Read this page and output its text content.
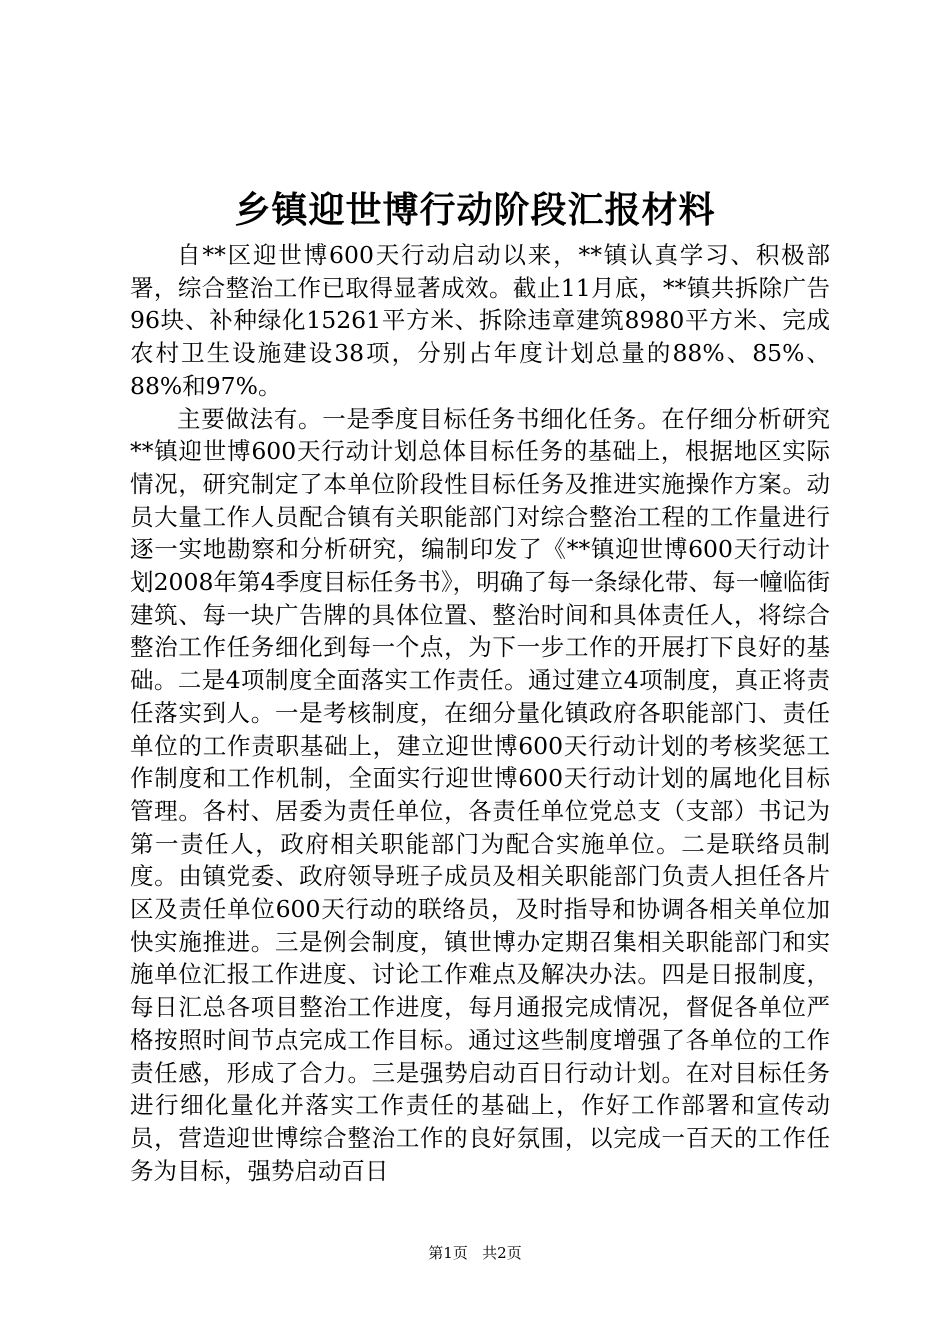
乡镇迎世博行动阶段汇报材料

自**区迎世博600天行动启动以来，**镇认真学习、积极部署，综合整治工作已取得显著成效。截止11月底，**镇共拆除广告96块、补种绿化15261平方米、拆除违章建筑8980平方米、完成农村卫生设施建设38项，分别占年度计划总量的88%、85%、88%和97%。

主要做法有。一是季度目标任务书细化任务。在仔细分析研究**镇迎世博600天行动计划总体目标任务的基础上，根据地区实际情况，研究制定了本单位阶段性目标任务及推进实施操作方案。动员大量工作人员配合镇有关职能部门对综合整治工程的工作量进行逐一实地勘察和分析研究，编制印发了《**镇迎世博600天行动计划2008年第4季度目标任务书》，明确了每一条绿化带、每一幢临街建筑、每一块广告牌的具体位置、整治时间和具体责任人，将综合整治工作任务细化到每一个点，为下一步工作的开展打下良好的基础。二是4项制度全面落实工作责任。通过建立4项制度，真正将责任落实到人。一是考核制度，在细分量化镇政府各职能部门、责任单位的工作责职基础上，建立迎世博600天行动计划的考核奖惩工作制度和工作机制，全面实行迎世博600天行动计划的属地化目标管理。各村、居委为责任单位，各责任单位党总支（支部）书记为第一责任人，政府相关职能部门为配合实施单位。二是联络员制度。由镇党委、政府领导班子成员及相关职能部门负责人担任各片区及责任单位600天行动的联络员，及时指导和协调各相关单位加快实施推进。三是例会制度，镇世博办定期召集相关职能部门和实施单位汇报工作进度、讨论工作难点及解决办法。四是日报制度，每日汇总各项目整治工作进度，每月通报完成情况，督促各单位严格按照时间节点完成工作目标。通过这些制度增强了各单位的工作责任感，形成了合力。三是强势启动百日行动计划。在对目标任务进行细化量化并落实工作责任的基础上，作好工作部署和宣传动员，营造迎世博综合整治工作的良好氛围，以完成一百天的工作任务为目标，强势启动百日

第1页 共2页
